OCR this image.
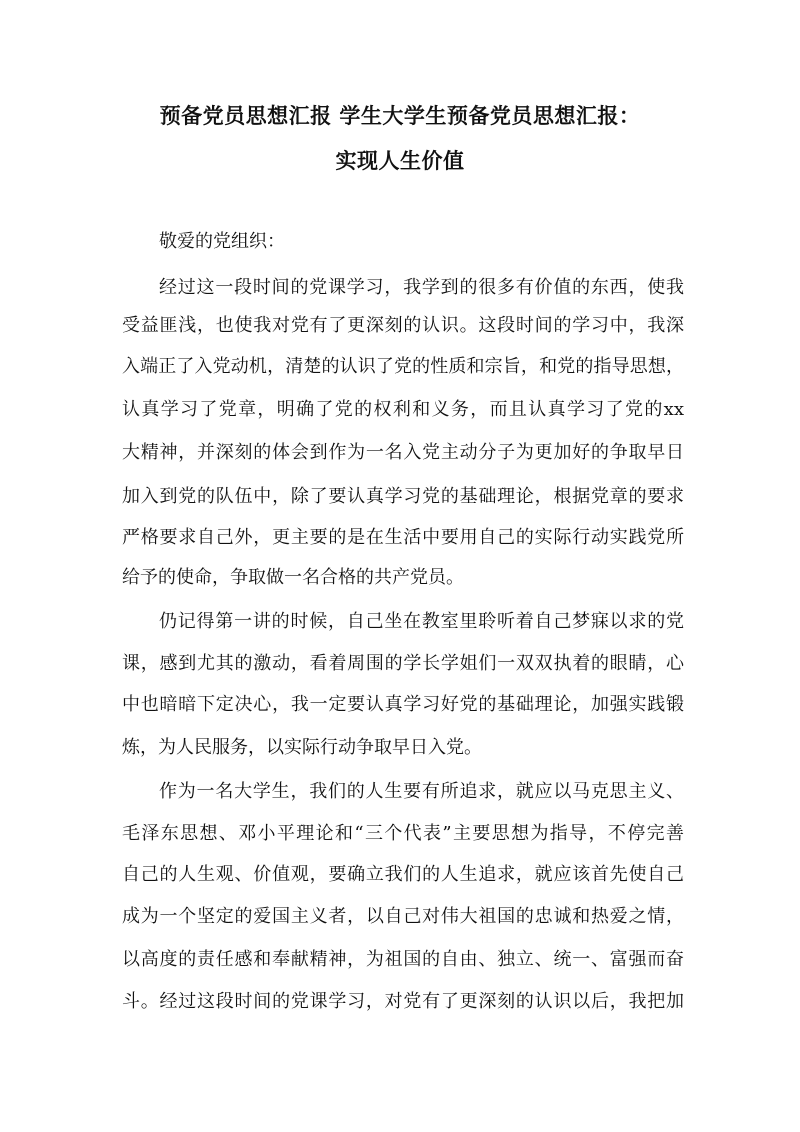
预备党员思想汇报 学生大学生预备党员思想汇报：
实现人生价值
敬爱的党组织：
经过这一段时间的党课学习，我学到的很多有价值的东西，使我
受益匪浅，也使我对党有了更深刻的认识。这段时间的学习中，我深
入端正了入党动机，清楚的认识了党的性质和宗旨，和党的指导思想，
认真学习了党章，明确了党的权利和义务，而且认真学习了党的xx
大精神，并深刻的体会到作为一名入党主动分子为更加好的争取早日
加入到党的队伍中，除了要认真学习党的基础理论，根据党章的要求
严格要求自己外，更主要的是在生活中要用自己的实际行动实践党所
给予的使命，争取做一名合格的共产党员。
仍记得第一讲的时候，自己坐在教室里聆听着自己梦寐以求的党
课，感到尤其的激动，看着周围的学长学姐们一双双执着的眼睛，心
中也暗暗下定决心，我一定要认真学习好党的基础理论，加强实践锻
炼，为人民服务，以实际行动争取早日入党。
作为一名大学生，我们的人生要有所追求，就应以马克思主义、
毛泽东思想、邓小平理论和“三个代表”主要思想为指导，不停完善
自己的人生观、价值观，要确立我们的人生追求，就应该首先使自己
成为一个坚定的爱国主义者，以自己对伟大祖国的忠诚和热爱之情，
以高度的责任感和奉献精神，为祖国的自由、独立、统一、富强而奋
斗。经过这段时间的党课学习，对党有了更深刻的认识以后，我把加
